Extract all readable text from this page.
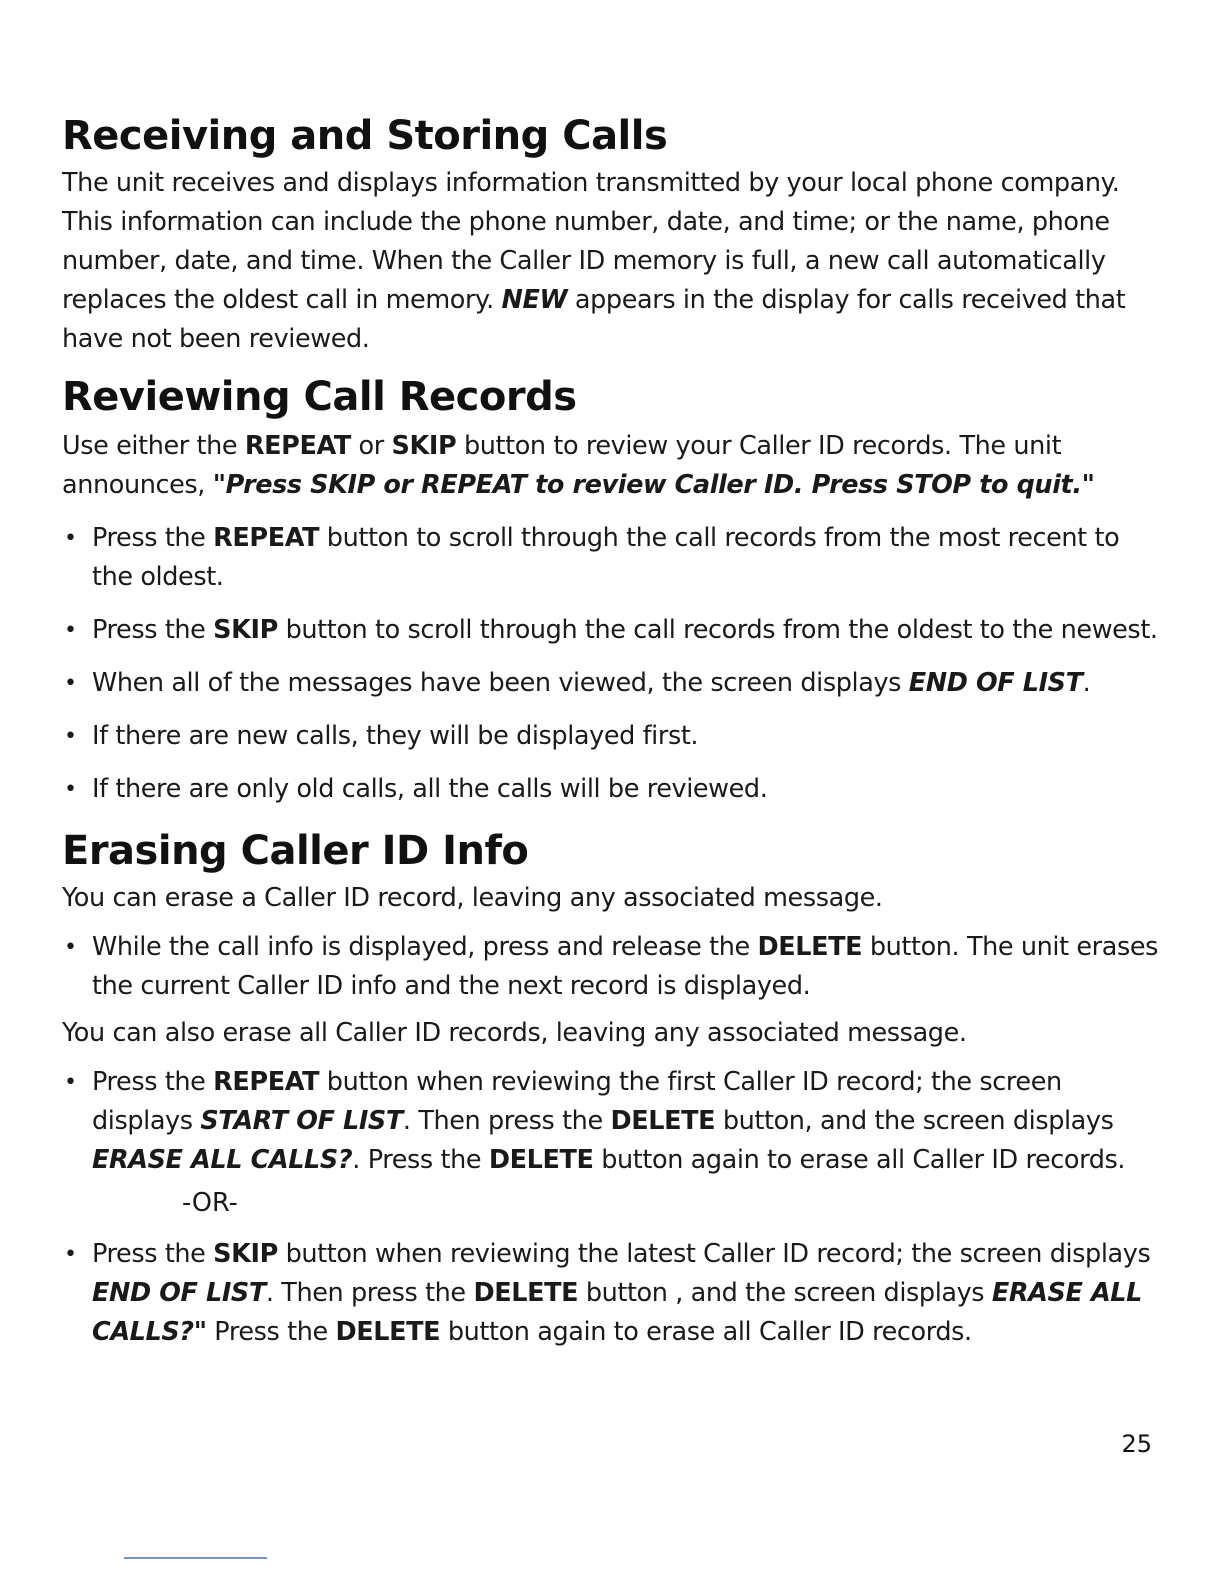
Receiving and Storing Calls

The unit receives and displays information transmitted by your local phone company. This information can include the phone number, date, and time; or the name, phone number, date, and time. When the Caller ID memory is full, a new call automatically replaces the oldest call in memory. NEW appears in the display for calls received that have not been reviewed.

Reviewing Call Records

Use either the REPEAT or SKIP button to review your Caller ID records. The unit announces, "Press SKIP or REPEAT to review Caller ID. Press STOP to quit."

• Press the REPEAT button to scroll through the call records from the most recent to the oldest.
• Press the SKIP button to scroll through the call records from the oldest to the newest.
• When all of the messages have been viewed, the screen displays END OF LIST.
• If there are new calls, they will be displayed first.
• If there are only old calls, all the calls will be reviewed.
Erasing Caller ID Info

You can erase a Caller ID record, leaving any associated message.

• While the call info is displayed, press and release the DELETE button. The unit erases the current Caller ID info and the next record is displayed.

You can also erase all Caller ID records, leaving any associated message.

• Press the REPEAT button when reviewing the first Caller ID record; the screen displays START OF LIST. Then press the DELETE button, and the screen displays ERASE ALL CALLS?. Press the DELETE button again to erase all Caller ID records.
-OR-
• Press the SKIP button when reviewing the latest Caller ID record; the screen displays END OF LIST. Then press the DELETE button , and the screen displays ERASE ALL CALLS?" Press the DELETE button again to erase all Caller ID records.
25
